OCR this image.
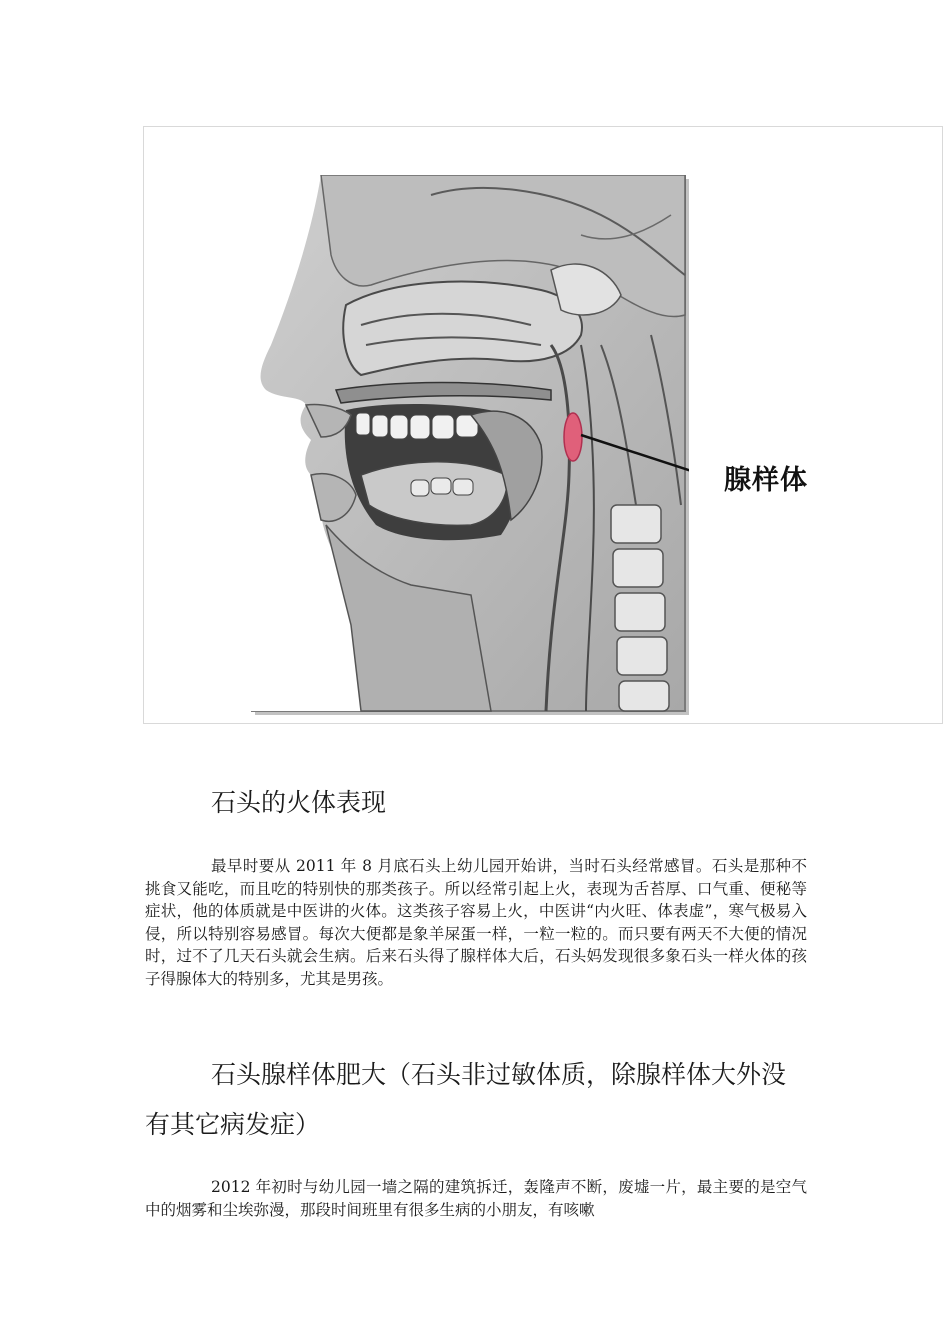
腺样体
石头的火体表现

最早时要从 2011 年 8 月底石头上幼儿园开始讲，当时石头经常感冒。石头是那种不挑食又能吃，而且吃的特别快的那类孩子。所以经常引起上火，表现为舌苔厚、口气重、便秘等症状，他的体质就是中医讲的火体。这类孩子容易上火，中医讲“内火旺、体表虚”，寒气极易入侵，所以特别容易感冒。每次大便都是象羊屎蛋一样，一粒一粒的。而只要有两天不大便的情况时，过不了几天石头就会生病。后来石头得了腺样体大后，石头妈发现很多象石头一样火体的孩子得腺体大的特别多，尤其是男孩。

石头腺样体肥大（石头非过敏体质，除腺样体大外没有其它病发症）

2012 年初时与幼儿园一墙之隔的建筑拆迁，轰隆声不断，废墟一片，最主要的是空气中的烟雾和尘埃弥漫，那段时间班里有很多生病的小朋友，有咳嗽
